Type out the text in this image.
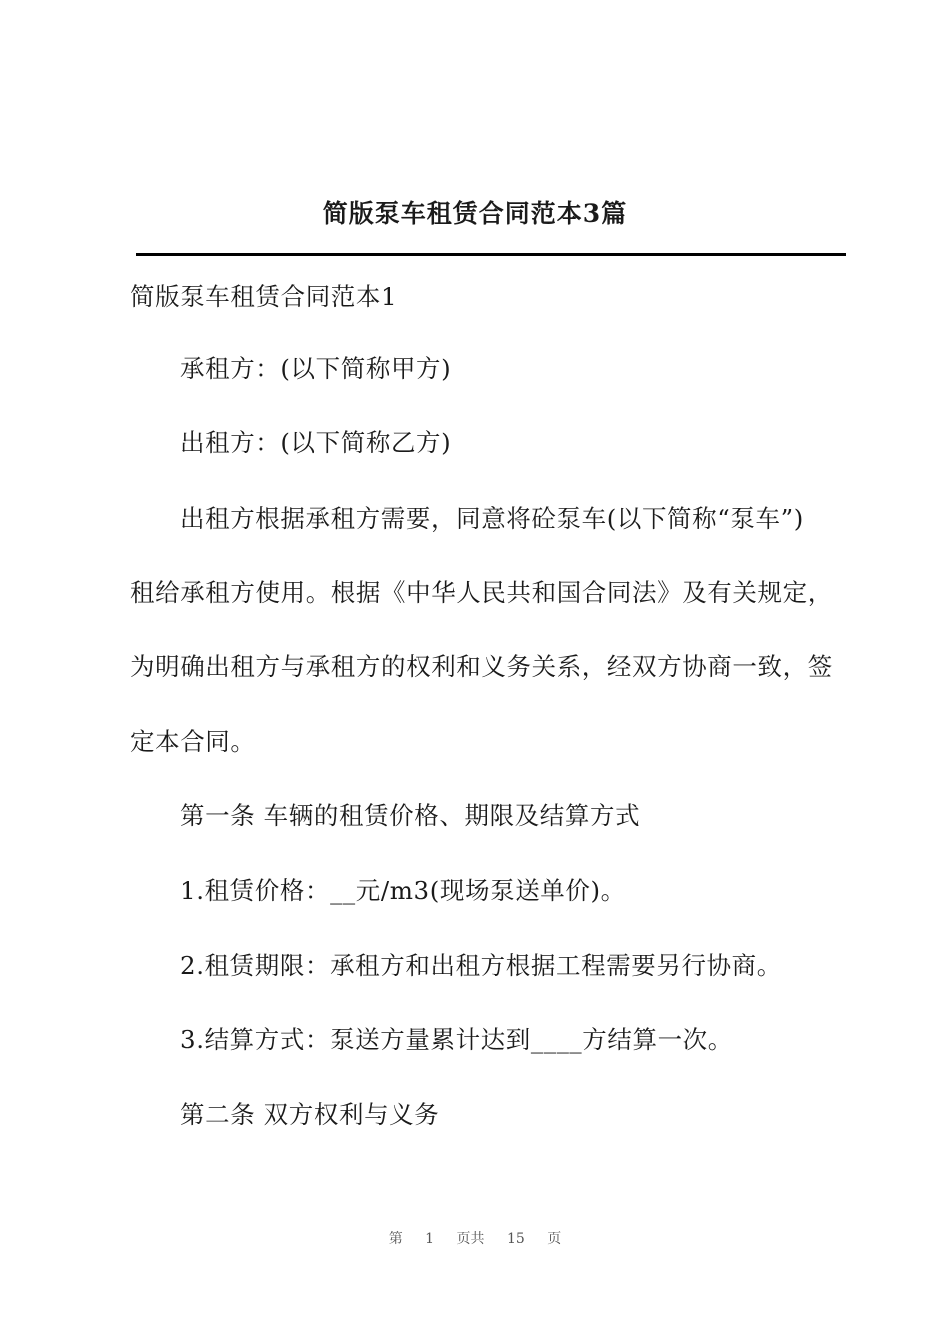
简版泵车租赁合同范本3篇
简版泵车租赁合同范本1
承租方：(以下简称甲方)
出租方：(以下简称乙方)
出租方根据承租方需要，同意将砼泵车(以下简称“泵车”)
租给承租方使用。根据《中华人民共和国合同法》及有关规定，
为明确出租方与承租方的权利和义务关系，经双方协商一致，签
定本合同。
第一条 车辆的租赁价格、期限及结算方式
1.租赁价格：__元/m3(现场泵送单价)。
2.租赁期限：承租方和出租方根据工程需要另行协商。
3.结算方式：泵送方量累计达到____方结算一次。
第二条 双方权利与义务
第 1 页共 15 页
